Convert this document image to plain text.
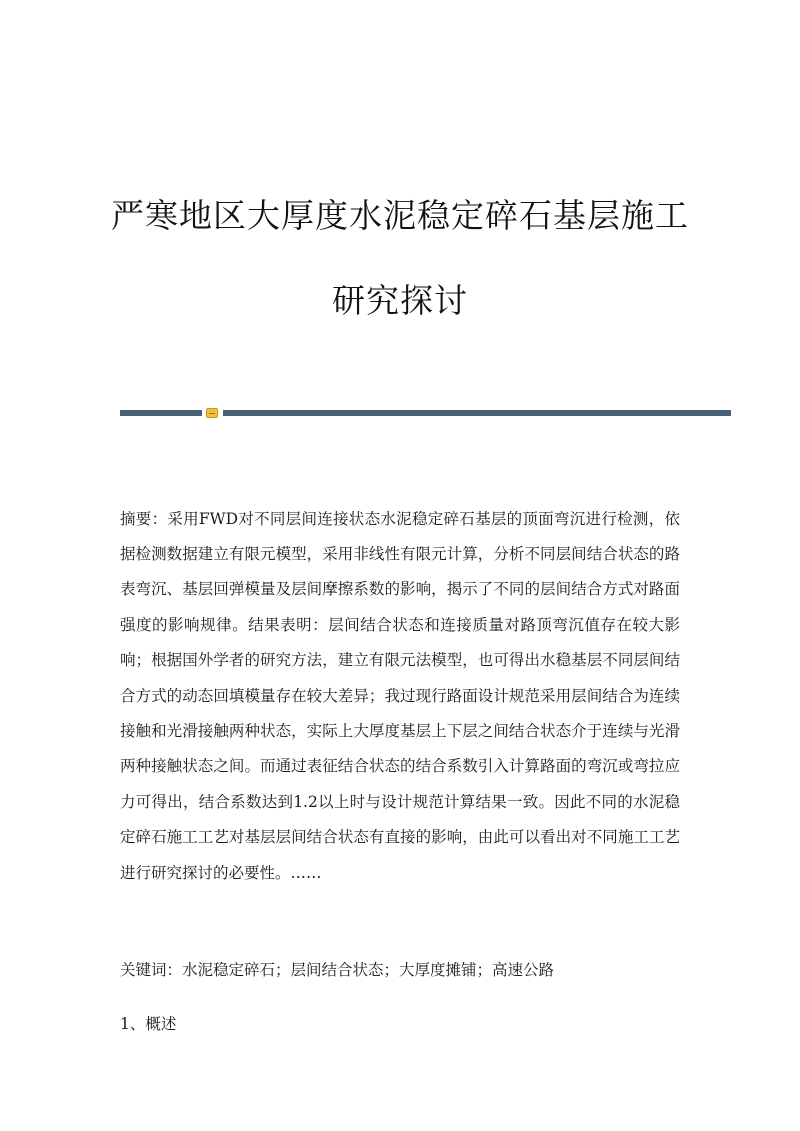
严寒地区大厚度水泥稳定碎石基层施工
研究探讨

摘要：采用FWD对不同层间连接状态水泥稳定碎石基层的顶面弯沉进行检测，依据检测数据建立有限元模型，采用非线性有限元计算，分析不同层间结合状态的路表弯沉、基层回弹模量及层间摩擦系数的影响，揭示了不同的层间结合方式对路面强度的影响规律。结果表明：层间结合状态和连接质量对路顶弯沉值存在较大影响；根据国外学者的研究方法，建立有限元法模型，也可得出水稳基层不同层间结合方式的动态回填模量存在较大差异；我过现行路面设计规范采用层间结合为连续接触和光滑接触两种状态，实际上大厚度基层上下层之间结合状态介于连续与光滑两种接触状态之间。而通过表征结合状态的结合系数引入计算路面的弯沉或弯拉应力可得出，结合系数达到1.2以上时与设计规范计算结果一致。因此不同的水泥稳定碎石施工工艺对基层层间结合状态有直接的影响，由此可以看出对不同施工工艺进行研究探讨的必要性。……

关键词：水泥稳定碎石；层间结合状态；大厚度摊铺；高速公路
1、概述
